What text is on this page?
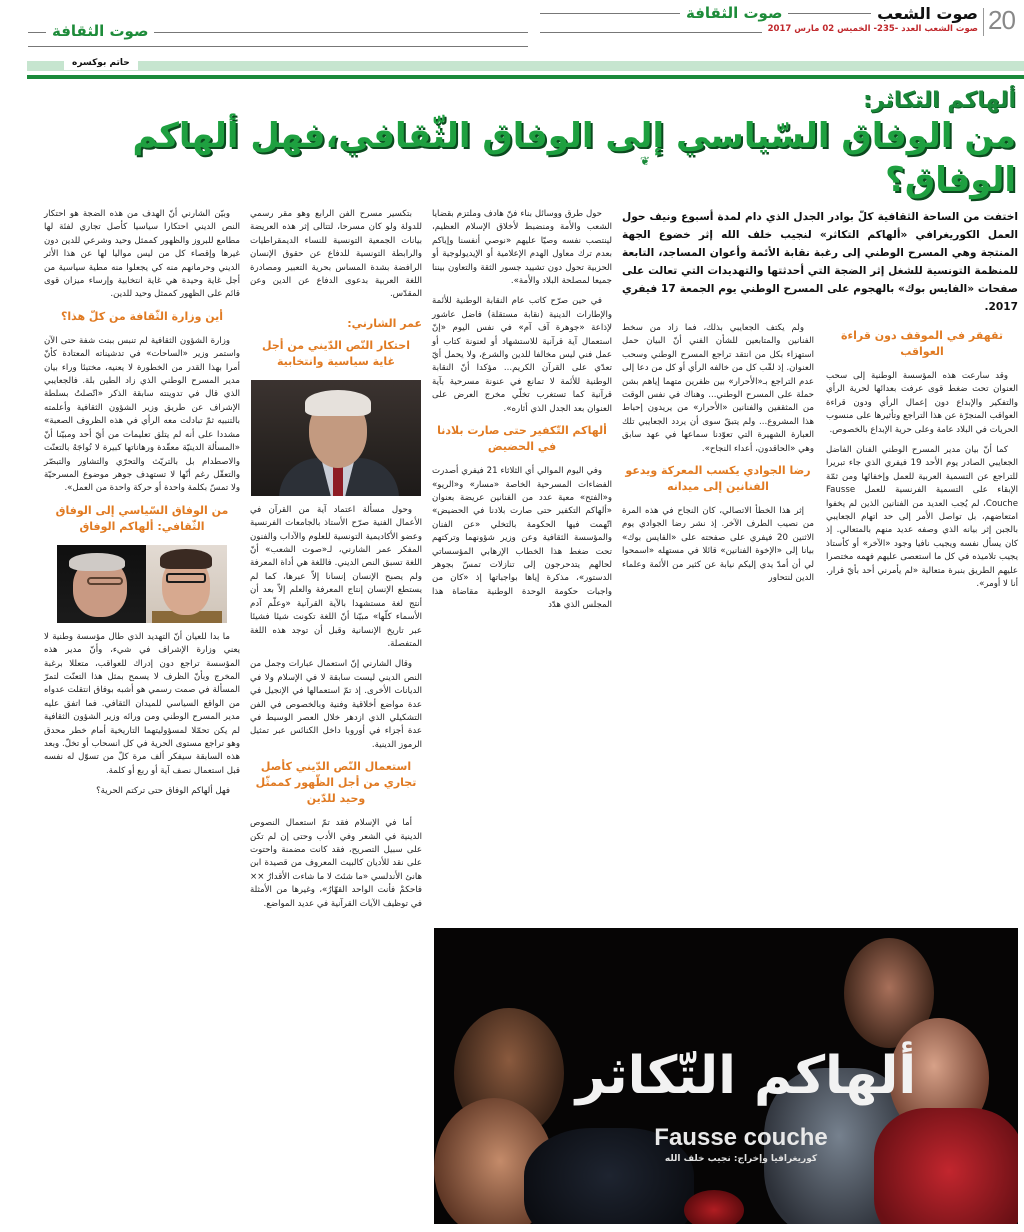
صوت الثقافة	20
صوت الشعب
صوت الشعب العدد -235- الخميس 02 مارس 2017
صوت الثقافة
حاتم بوكسره
ألهاكم التكاثر:
من الوفاق السّياسي إلى الوفاق الثّقافي،فهل ألهاكم الوفاق؟
❦
اختفت من الساحة الثقافية كلّ بوادر الجدل الذي دام لمدة أسبوع ونيف حول العمل الكوريغرافي «ألهاكم التكاثر» لنجيب خلف الله إثر خضوع الجهة المنتجة وهي المسرح الوطني إلى رغبة نقابة الأئمة وأعوان المساجد، التابعة للمنظمة التونسية للشغل إثر الضجة التي أحدثتها والتهديدات التي تعالت على صفحات «الفايس بوك» بالهجوم على المسرح الوطني يوم الجمعة 17 فيفري 2017.
تقهقر في الموقف دون قراءة العواقب

وقد سارعت هذه المؤسسة الوطنية إلى سحب العنوان تحت ضغط قوى عرفت بعدائها لحرية الرأي والتفكير والإبداع دون إعمال الرأي ودون قراءة العواقب المنجرّة عن هذا التراجع وتأثيرها على منسوب الحريات في البلاد عامة وعلى حرية الإبداع بالخصوص.

كما أنّ بيان مدير المسرح الوطني الفنان الفاضل الجعايبي الصادر يوم الأحد 19 فيفري الذي جاء تبريرا للتراجع عن التسمية العربية للعمل وإخفائها ومن ثمّة الإبقاء على التسمية الفرنسية للعمل Fausse Couche، لم يُجب العديد من الفنانين الذين لم يخفوا امتعاضهم، بل تواصل الأمر إلى حد اتهام الجعايبي بالجبن إثر بيانه الذي وصفه عديد منهم بالمتعالي. إذ كان يسأل نفسه ويجيب نافيا وجود «الآخر» أو كأستاذ يجيب تلاميذه في كل ما استعصى عليهم فهمه مختصرا عليهم الطريق بنبرة متعالية «لم يأمرني أحد بأيّ قرار. أنا لا أومر».

ولم يكتف الجعايبي بذلك، فما زاد من سخط الفنانين والمتابعين للشأن الفني أنّ البيان حمل استهزاء بكل من انتقد تراجع المسرح الوطني وسحب العنوان. إذ لقّب كل من خالفه الرأي أو كل من دعا إلى عدم التراجع بـ«الأحرار» بين ظفرين متهما إياهم بشن حملة على المسرح الوطني... وهناك في نفس الوقت من المثقفين والفنانين «الأحرار» من يريدون إحباط هذا المشروع... ولم يتبقّ سوى أن يردد الجعايبي تلك العبارة الشهيرة التي تعوّدنا سماعها في عهد سابق وهي «الحاقدون، أعداء النجاح».

رضا الجوادي يكسب المعركة ويدعو الفنانين إلى ميدانه

إثر هذا الخطأ الاتصالي، كان النجاح في هذه المرة من نصيب الطرف الآخر. إذ نشر رضا الجوادي يوم الاثنين 20 فيفري على صفحته على «الفايس بوك» بيانا إلى «الإخوة الفنانين» قائلا في مستهله «اسمحوا لي أن أمدّ يدي إليكم نيابة عن كثير من الأئمة وعلماء الدين لنتحاور

حول طرق ووسائل بناء فنّ هادف وملتزم بقضايا الشعب والأمة ومنضبط لأخلاق الإسلام العظيم، لينتصب نفسه وصيّا عليهم «نوصي أنفسنا وإياكم بعدم ترك معاول الهدم الإعلامية أو الإيديولوجية أو الحزبية تحول دون تشييد جسور الثقة والتعاون بيننا جميعا لمصلحة البلاد والأمة».

في حين صرّح كاتب عام النقابة الوطنية للأئمة والإطارات الدينية (نقابة مستقلة) فاضل عاشور لإذاعة «جوهرة آف آم» في نفس اليوم «إنّ استعمال آية قرآنية للاستشهاد أو لعنونة كتاب أو عمل فني ليس مخالفا للدين والشرع، ولا يحمل أيّ تعدّي على القرآن الكريم... مؤكدا أنّ النقابة الوطنية للأئمة لا تمانع في عنونة مسرحية بآية قرآنية كما تستغرب تخلّي مخرج العرض على العنوان بعد الجدل الذي أثاره».

ألهاكم التّكفير حتى صارت بلادنا في الحضيض

وفي اليوم الموالي أي الثلاثاء 21 فيفري أصدرت الفضاءات المسرحية الخاصة «مسار» و«الريو» و«الفتح» معية عدد من الفنانين عريضة بعنوان «ألهاكم التكفير حتى صارت بلادنا في الحضيض» اتّهمت فيها الحكومة بالتخلي «عن الفنان والمؤسسة الثقافية وعن وزير شؤونهما وتركتهم تحت ضغط هذا الخطاب الإرهابي المؤسساتي لحالهم يتدحرجون إلى تنازلات تمسّ بجوهر الدستور»، مذكرة إياها بواجباتها إذ «كان من واجبات حكومة الوحدة الوطنية مقاضاة هذا المجلس الذي هدّد

بتكسير مسرح الفن الرابع وهو مقر رسمي للدولة ولو كان مسرحا، لتتالى إثر هذه العريضة بيانات الجمعية التونسية للنساء الديمقراطيات والرابطة التونسية للدفاع عن حقوق الإنسان الرافضة بشدة المساس بحرية التعبير ومصادرة اللغة العربية بدعوى الدفاع عن الدين وعن المقدّس.

عمر الشارني:
احتكار النّص الدّيني من أجل غاية سياسية وانتخابية

وحول مسألة اعتماد آية من القرآن في الأعمال الفنية صرّح الأستاذ بالجامعات الفرنسية وعضو الأكاديمية التونسية للعلوم والآداب والفنون المفكر عمر الشارني، لـ«صوت الشعب» أنّ اللغة تسبق النص الديني. فاللغة هي أداة المعرفة ولم يصبح الإنسان إنسانا إلاّ عبرها، كما لم يستطع الإنسان إنتاج المعرفة والعلم إلاّ بعد أن أنتج لغة مستشهدا بالآية القرآنية «وعلّم آدم الأسماء كلّها» مبيّنا أنّ اللغة تكونت شيئا فشيئا عبر تاريخ الإنسانية وقبل أن توجد هذه اللغة المتفصلة.

وقال الشارني إنّ استعمال عبارات وجمل من النص الديني ليست سابقة لا في الإسلام ولا في الديانات الأخرى. إذ تمّ استعمالها في الإنجيل في عدة مواضع أخلاقية وفنية وبالخصوص في الفن التشكيلي الذي ازدهر خلال العصر الوسيط في عدة أجزاء في أوروبا داخل الكنائس عبر تمثيل الرموز الدينية.

استعمال النّص الدّيني كأصل تجاري من أجل الظّهور كممثّل وحيد للدّين

أما في الإسلام فقد تمّ استعمال النصوص الدينية في الشعر وفي الأدب وحتى إن لم تكن على سبيل التصريح، فقد كانت مضمنة واحتوت على نقد للأديان كالبيت المعروف من قصيدة ابن هانئ الأندلسي «ما شئتَ لا ما شاءت الأقدارُ ×× فاحكمْ فأنت الواحد القهّارُ»، وغيرها من الأمثلة في توظيف الآيات القرآنية في عديد المواضع.

وبيّن الشارني أنّ الهدف من هذه الضجة هو احتكار النص الديني احتكارا سياسيا كأصل تجاري لفئة لها مطامع للبروز والظهور كممثل وحيد وشرعي للدين دون غيرها وإقصاء كل من ليس مواليا لها عن هذا الأثر الديني وحرمانهم منه كي يجعلوا منه مطية سياسية من أجل غاية وحيدة هي غاية انتخابية وإرساء ميزان قوى قائم على الظهور كممثل وحيد للدين.

أين وزارة الثّقافة من كلّ هذا؟

وزارة الشؤون الثقافية لم تنبس ببنت شفة حتى الآن واستمر وزير «الساحات» في تدشيناته المعتادة كأنّ أمرا بهذا القدر من الخطورة لا يعنيه، مختبئا وراء بيان مدير المسرح الوطني الذي زاد الطين بلة. فالجعايبي الذي قال في تدوينته سابقة الذكر «اتّصلتُ بسلطة الإشراف عن طريق وزير الشؤون الثقافية وأعلمته بالتنبيه ثمّ تبادلت معه الرأي في هذه الظروف الصعبة» مشددا على أنه لم يتلق تعليمات من أيّ أحد ومبيّنا أنّ «المسألة الدينيّة معقّدة ورهاناتها كبيرة لا تُواجَهُ بالتعنّت والاصطدام بل بالتريّث والتحرّي والتشاور والتبصّر والتعقّل رغم أنّها لا تستهدف جوهر موضوع المسرحيّة ولا تمسّ بكلمة واحدة أو حركة واحدة من العمل».

من الوفاق السّياسي إلى الوفاق الثّقافي: ألهاكم الوفاق

ما بدا للعيان أنّ التهديد الذي طال مؤسسة وطنية لا يعني وزارة الإشراف في شيء، وأنّ مدير هذه المؤسسة تراجع دون إدراك للعواقب، متعللا برغبة المخرج وبأنّ الظرف لا يسمح بمثل هذا التعنّت لتمرّ المسألة في صمت رسمي هو أشبه بوفاق انتقلت عدواه من الواقع السياسي للميدان الثقافي. فما اتفق عليه مدير المسرح الوطني ومن ورائه وزير الشؤون الثقافية لم يكن تحمّلا لمسؤوليتهما التاريخية أمام خطر محدق وهو تراجع مستوى الحرية في كل انسحاب أو تخلّ. وبعد هذه السابقة سيفكر ألف مرة كلّ من تسوّل له نفسه قبل استعمال نصف آية أو ربع أو كلمة.

فهل ألهاكم الوفاق حتى تركتم الحرية؟

ألهاكم التّكاثر
Fausse couche
كوريغرافيا وإخراج: نجيب خلف الله
